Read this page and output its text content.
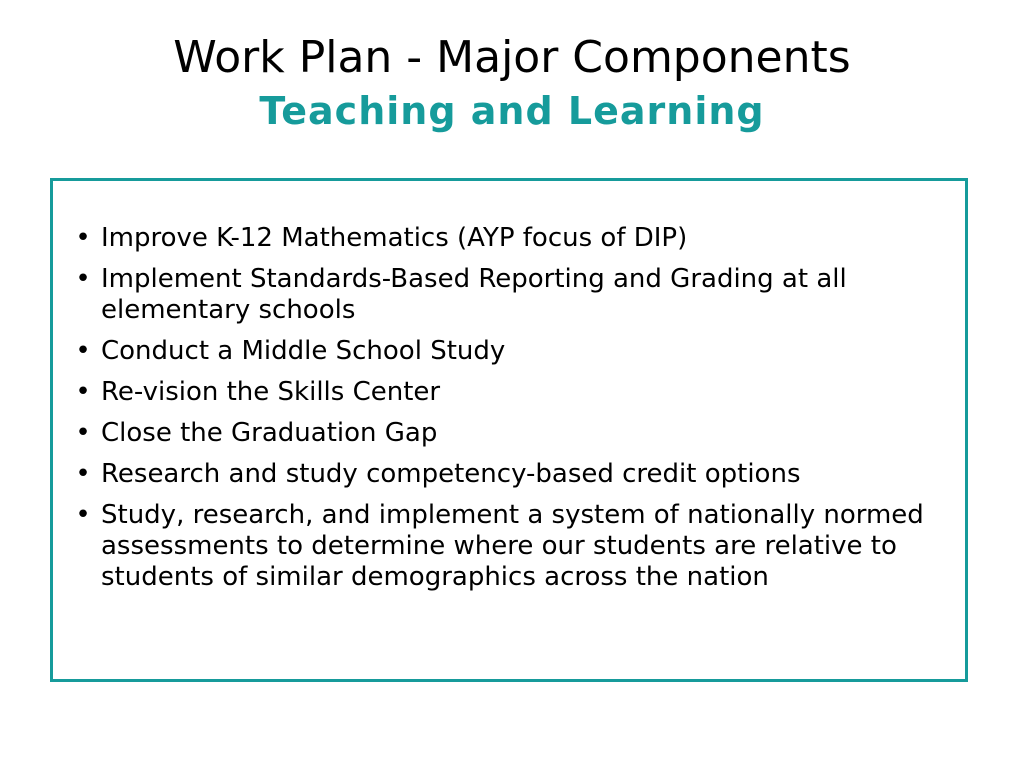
Work Plan - Major Components
Teaching and Learning
• Improve K-12 Mathematics (AYP focus of DIP)
• Implement Standards-Based Reporting and Grading at all elementary schools
• Conduct a Middle School Study
• Re-vision the Skills Center
• Close the Graduation Gap
• Research and study competency-based credit options
• Study, research, and implement a system of nationally normed assessments to determine where our students are relative to students of similar demographics across the nation
